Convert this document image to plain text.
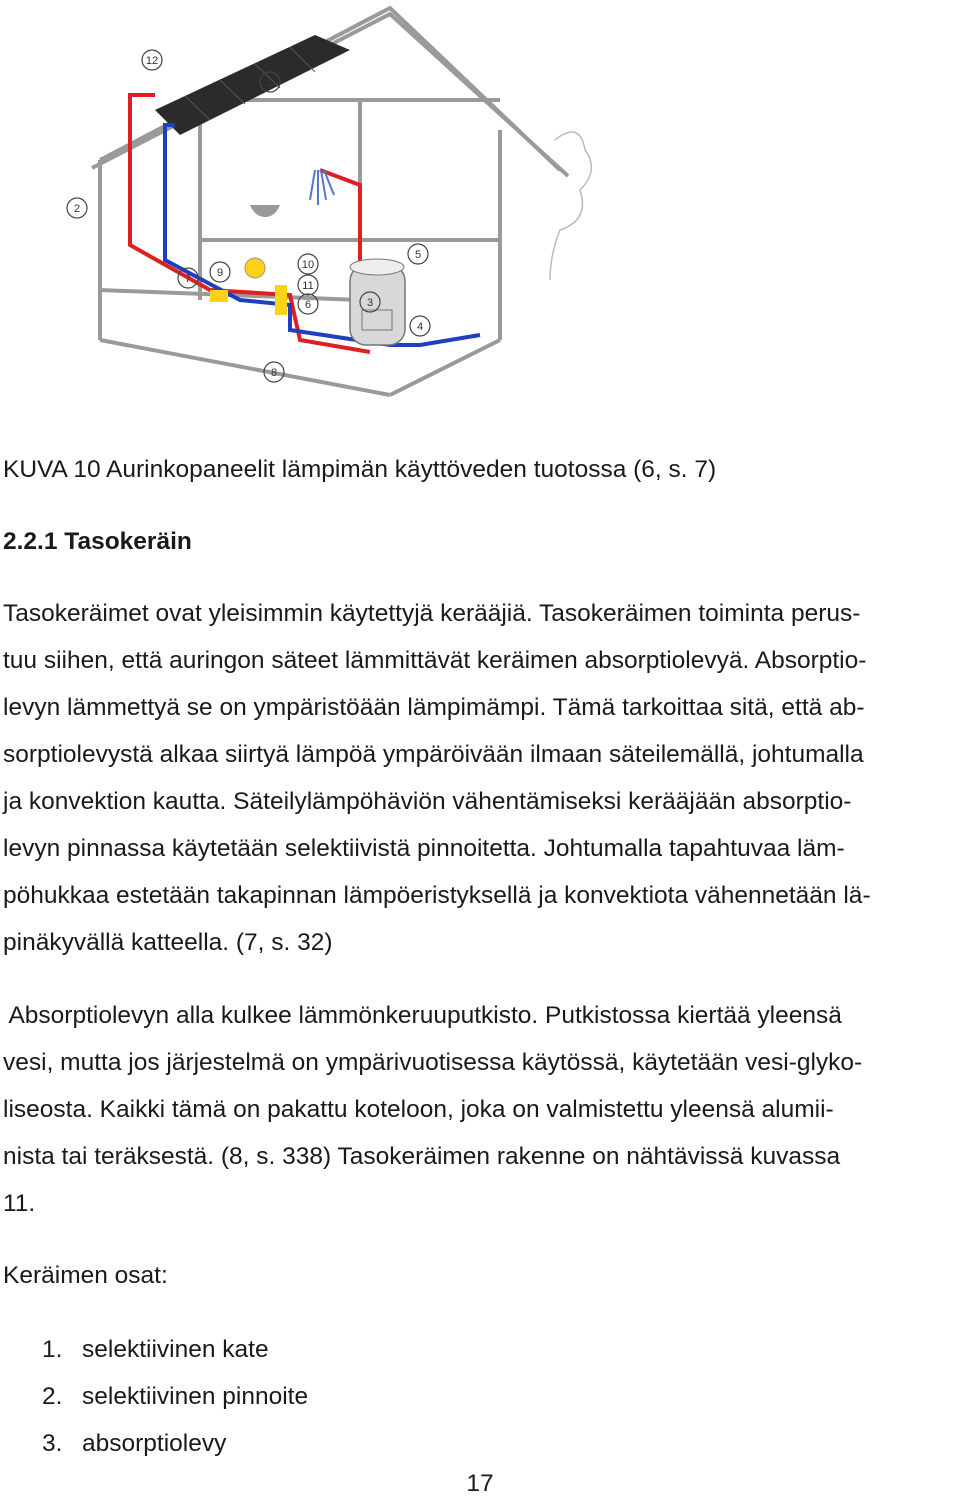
1
2
3
4
5
6
7
8
9
10
11
12
KUVA 10 Aurinkopaneelit lämpimän käyttöveden tuotossa (6, s. 7)
2.2.1 Tasokeräin
Tasokeräimet ovat yleisimmin käytettyjä kerääjiä. Tasokeräimen toiminta perus-
tuu siihen, että auringon säteet lämmittävät keräimen absorptiolevyä. Absorptio-
levyn lämmettyä se on ympäristöään lämpimämpi. Tämä tarkoittaa sitä, että ab-
sorptiolevystä alkaa siirtyä lämpöä ympäröivään ilmaan säteilemällä, johtumalla
ja konvektion kautta. Säteilylämpöhäviön vähentämiseksi kerääjään absorptio-
levyn pinnassa käytetään selektiivistä pinnoitetta. Johtumalla tapahtuvaa läm-
pöhukkaa estetään takapinnan lämpöeristyksellä ja konvektiota vähennetään lä-
pinäkyvällä katteella. (7, s. 32)
Absorptiolevyn alla kulkee lämmönkeruuputkisto. Putkistossa kiertää yleensä
vesi, mutta jos järjestelmä on ympärivuotisessa käytössä, käytetään vesi-glyko-
liseosta. Kaikki tämä on pakattu koteloon, joka on valmistettu yleensä alumii-
nista tai teräksestä. (8, s. 338) Tasokeräimen rakenne on nähtävissä kuvassa
11.
Keräimen osat:
1. selektiivinen kate
2. selektiivinen pinnoite
3. absorptiolevy
17
